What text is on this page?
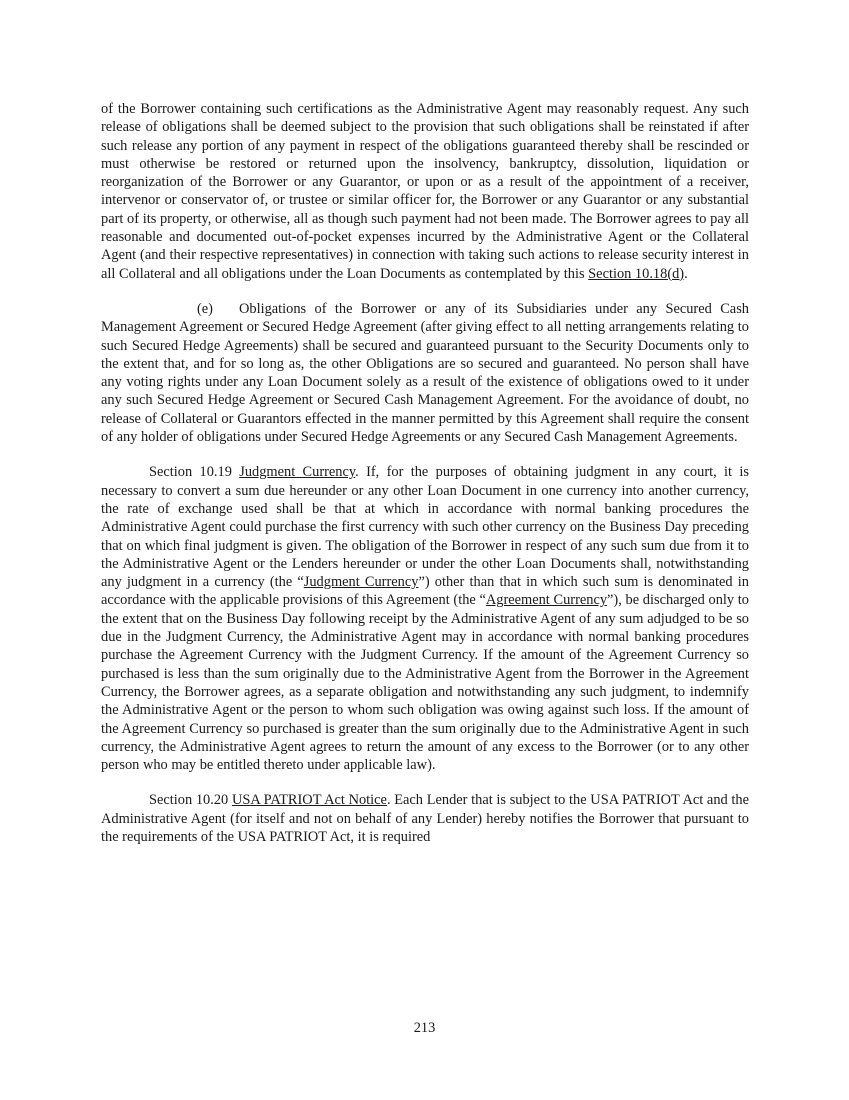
of the Borrower containing such certifications as the Administrative Agent may reasonably request. Any such release of obligations shall be deemed subject to the provision that such obligations shall be reinstated if after such release any portion of any payment in respect of the obligations guaranteed thereby shall be rescinded or must otherwise be restored or returned upon the insolvency, bankruptcy, dissolution, liquidation or reorganization of the Borrower or any Guarantor, or upon or as a result of the appointment of a receiver, intervenor or conservator of, or trustee or similar officer for, the Borrower or any Guarantor or any substantial part of its property, or otherwise, all as though such payment had not been made. The Borrower agrees to pay all reasonable and documented out-of-pocket expenses incurred by the Administrative Agent or the Collateral Agent (and their respective representatives) in connection with taking such actions to release security interest in all Collateral and all obligations under the Loan Documents as contemplated by this Section 10.18(d).

(e) Obligations of the Borrower or any of its Subsidiaries under any Secured Cash Management Agreement or Secured Hedge Agreement (after giving effect to all netting arrangements relating to such Secured Hedge Agreements) shall be secured and guaranteed pursuant to the Security Documents only to the extent that, and for so long as, the other Obligations are so secured and guaranteed. No person shall have any voting rights under any Loan Document solely as a result of the existence of obligations owed to it under any such Secured Hedge Agreement or Secured Cash Management Agreement. For the avoidance of doubt, no release of Collateral or Guarantors effected in the manner permitted by this Agreement shall require the consent of any holder of obligations under Secured Hedge Agreements or any Secured Cash Management Agreements.

Section 10.19 Judgment Currency. If, for the purposes of obtaining judgment in any court, it is necessary to convert a sum due hereunder or any other Loan Document in one currency into another currency, the rate of exchange used shall be that at which in accordance with normal banking procedures the Administrative Agent could purchase the first currency with such other currency on the Business Day preceding that on which final judgment is given. The obligation of the Borrower in respect of any such sum due from it to the Administrative Agent or the Lenders hereunder or under the other Loan Documents shall, notwithstanding any judgment in a currency (the “Judgment Currency”) other than that in which such sum is denominated in accordance with the applicable provisions of this Agreement (the “Agreement Currency”), be discharged only to the extent that on the Business Day following receipt by the Administrative Agent of any sum adjudged to be so due in the Judgment Currency, the Administrative Agent may in accordance with normal banking procedures purchase the Agreement Currency with the Judgment Currency. If the amount of the Agreement Currency so purchased is less than the sum originally due to the Administrative Agent from the Borrower in the Agreement Currency, the Borrower agrees, as a separate obligation and notwithstanding any such judgment, to indemnify the Administrative Agent or the person to whom such obligation was owing against such loss. If the amount of the Agreement Currency so purchased is greater than the sum originally due to the Administrative Agent in such currency, the Administrative Agent agrees to return the amount of any excess to the Borrower (or to any other person who may be entitled thereto under applicable law).

Section 10.20 USA PATRIOT Act Notice. Each Lender that is subject to the USA PATRIOT Act and the Administrative Agent (for itself and not on behalf of any Lender) hereby notifies the Borrower that pursuant to the requirements of the USA PATRIOT Act, it is required

213
